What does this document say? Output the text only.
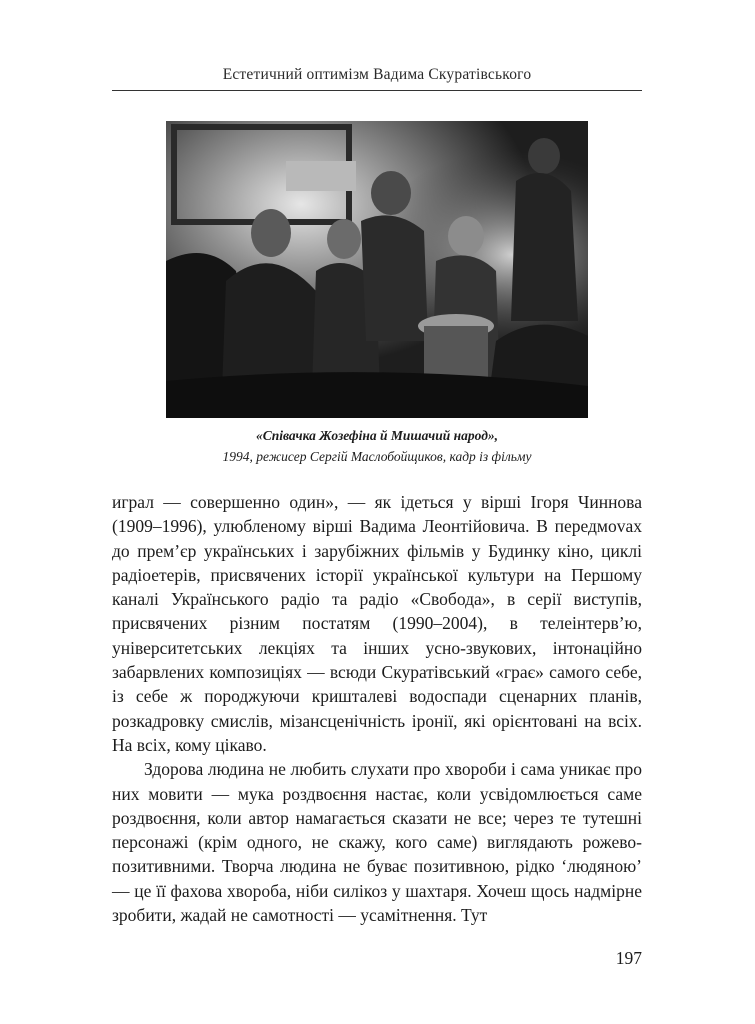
Естетичний оптимізм Вадима Скуратівського
«Співачка Жозефіна й Мишачий народ»,
1994, режисер Сергій Маслобойщиков, кадр із фільму

играл — совершенно один», — як ідеться у вірші Ігоря Чиннова (1909–1996), улюбленому вірші Вадима Леонтійовича. В передмоvах до прем’єр українських і зарубіжних фільмів у Будинку кіно, циклі радіоетерів, присвячених історії української культури на Першому каналі Українського радіо та радіо «Свобода», в серії виступів, присвячених різним постатям (1990–2004), в телеінтерв’ю, університетських лекціях та інших усно-звукових, інтонаційно забарвлених композиціях — всюди Скуратівський «грає» самого себе, із себе ж породжуючи кришталеві водоспади сценарних планів, розкадровку смислів, мізансценічність іронії, які орієнтовані на всіх. На всіх, кому цікаво.

Здорова людина не любить слухати про хвороби і сама уникає про них мовити — мука роздвоєння настає, коли усвідомлюється саме роздвоєння, коли автор намагається сказати не все; через те тутешні персонажі (крім одного, не скажу, кого саме) виглядають рожево-позитивними. Творча людина не буває позитивною, рідко ‘людяною’ — це її фахова хвороба, ніби силікоз у шахтаря. Хочеш щось надмірне зробити, жадай не самотності — усамітнення. Тут

197
